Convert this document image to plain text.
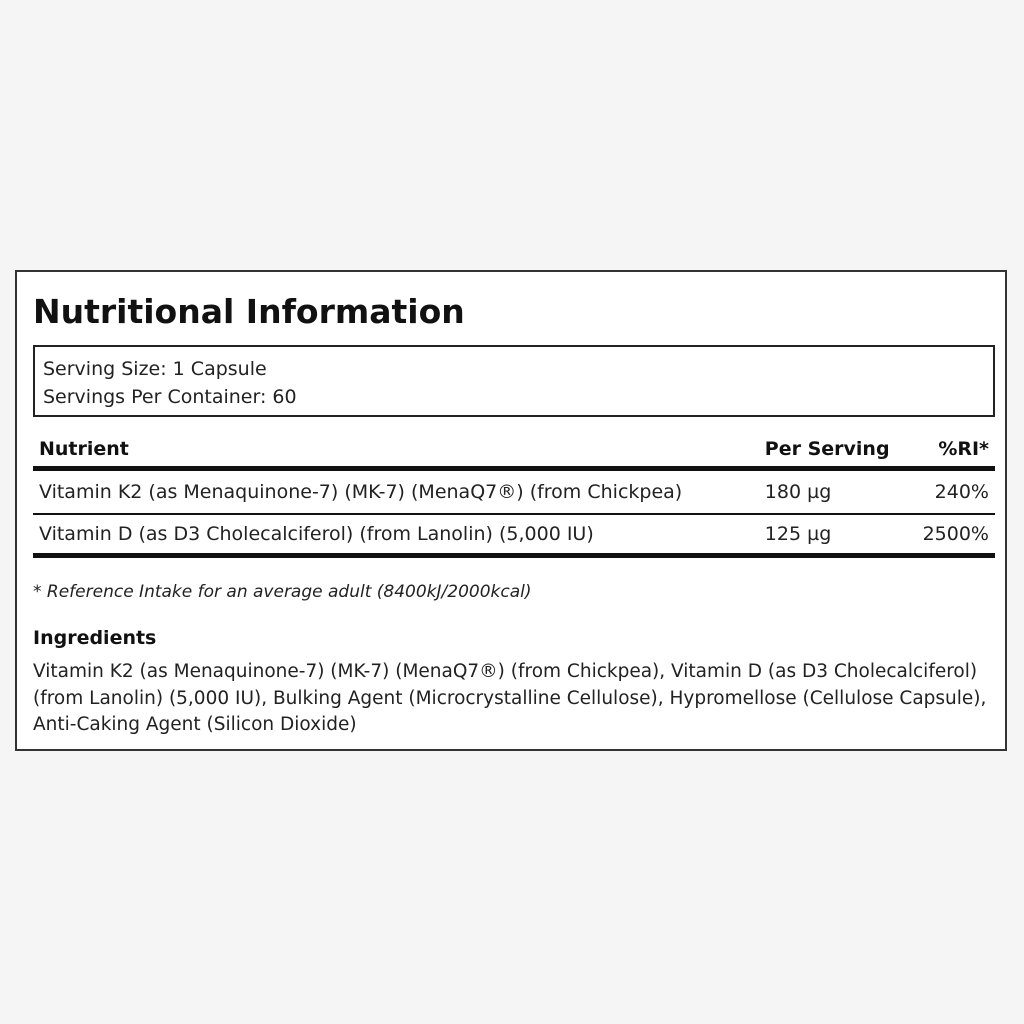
Nutritional Information
Serving Size: 1 Capsule
Servings Per Container: 60
Nutrient	Per Serving	%RI*
Vitamin K2 (as Menaquinone-7) (MK-7) (MenaQ7®) (from Chickpea)	180 µg	240%
Vitamin D (as D3 Cholecalciferol) (from Lanolin) (5,000 IU)	125 µg	2500%
* Reference Intake for an average adult (8400kJ/2000kcal)
Ingredients
Vitamin K2 (as Menaquinone-7) (MK-7) (MenaQ7®) (from Chickpea), Vitamin D (as D3 Cholecalciferol) (from Lanolin) (5,000 IU), Bulking Agent (Microcrystalline Cellulose), Hypromellose (Cellulose Capsule), Anti-Caking Agent (Silicon Dioxide)
